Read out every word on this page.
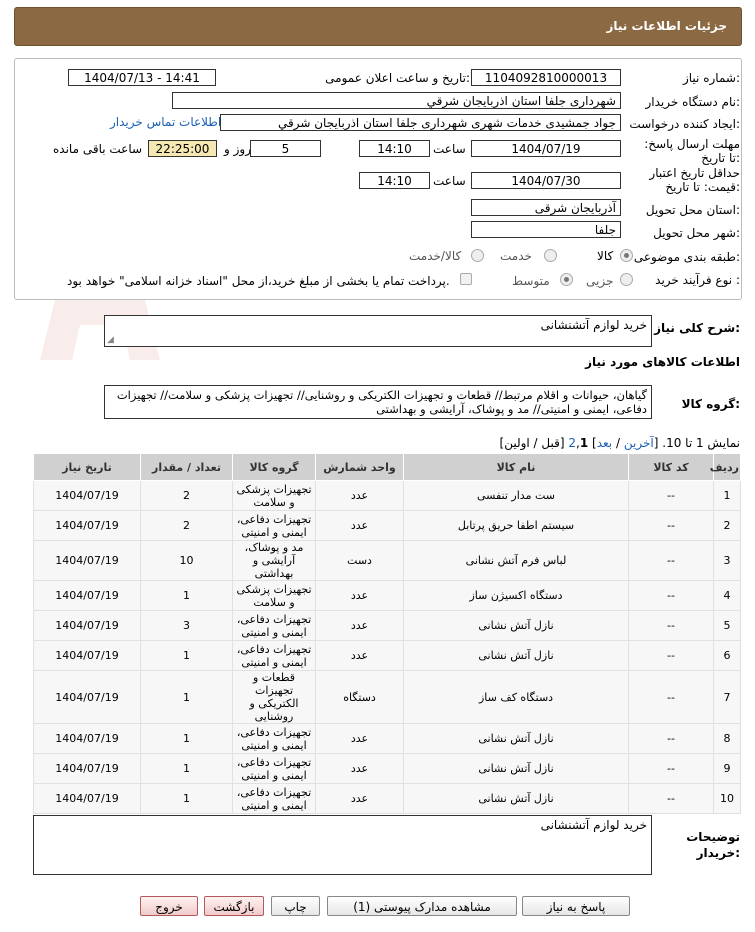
جزئیات اطلاعات نیاز
شماره نیاز:
1104092810000013
تاریخ و ساعت اعلان عمومی:
1404/07/13 - 14:41
نام دستگاه خریدار:
شهرداری جلفا استان اذربایجان شرقي
ایجاد کننده درخواست:
جواد جمشیدی خدمات شهری شهرداری جلفا استان اذربایجان شرقي
اطلاعات تماس خریدار
مهلت ارسال پاسخ: تا تاریخ:
1404/07/19
ساعت
14:10
5
روز و
22:25:00
ساعت باقی مانده
حداقل تاریخ اعتبار قیمت: تا تاریخ:
1404/07/30
ساعت
14:10
استان محل تحویل:
آذربایجان شرقی
شهر محل تحویل:
جلفا
طبقه بندی موضوعی:
کالا
خدمت
کالا/خدمت
نوع فرآیند خرید :
جزیی
متوسط
پرداخت تمام یا بخشی از مبلغ خرید،از محل "اسناد خزانه اسلامی" خواهد بود.
شرح کلی نیاز:
خرید لوازم آتشنشانی
◢
اطلاعات کالاهای مورد نیاز
گروه کالا:
گیاهان، حیوانات و اقلام مرتبط// قطعات و تجهیزات الکتریکی و روشنایی// تجهیزات پزشکی و سلامت// تجهیزات دفاعی، ایمنی و امنیتی// مد و پوشاک، آرایشی و بهداشتی
نمایش 1 تا 10. [آخرین / بعد] 2,1 [قبل / اولین]
ردیف	کد کالا	نام کالا	واحد شمارش	گروه کالا	تعداد / مقدار	تاریخ نیاز
1	--	ست مدار تنفسی	عدد	تجهیزات پزشکی و سلامت	2	1404/07/19
2	--	سیستم اطفا حریق پرتابل	عدد	تجهیزات دفاعی، ایمنی و امنیتی	2	1404/07/19
3	--	لباس فرم آتش نشانی	دست	مد و پوشاک، آرایشی و بهداشتی	10	1404/07/19
4	--	دستگاه اکسیژن ساز	عدد	تجهیزات پزشکی و سلامت	1	1404/07/19
5	--	نازل آتش نشانی	عدد	تجهیزات دفاعی، ایمنی و امنیتی	3	1404/07/19
6	--	نازل آتش نشانی	عدد	تجهیزات دفاعی، ایمنی و امنیتی	1	1404/07/19
7	--	دستگاه کف ساز	دستگاه	قطعات و تجهیزات الکتریکی و روشنایی	1	1404/07/19
8	--	نازل آتش نشانی	عدد	تجهیزات دفاعی، ایمنی و امنیتی	1	1404/07/19
9	--	نازل آتش نشانی	عدد	تجهیزات دفاعی، ایمنی و امنیتی	1	1404/07/19
10	--	نازل آتش نشانی	عدد	تجهیزات دفاعی، ایمنی و امنیتی	1	1404/07/19
توضیحات خریدار:
خرید لوازم آتشنشانی
پاسخ به نیاز
مشاهده مدارک پیوستی (1)
چاپ
بازگشت
خروج
